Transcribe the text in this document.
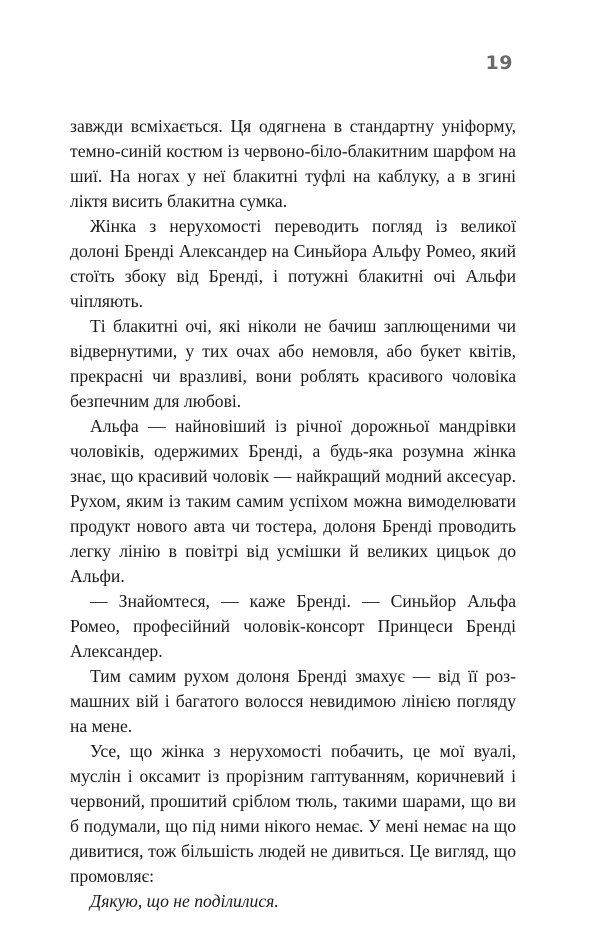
19

завжди всміхається. Ця одягнена в стандартну уніформу, темно-синій костюм із червоно-біло-блакитним шарфом на шиї. На ногах у неї блакитні туфлі на каблуку, а в згині ліктя висить блакитна сумка.

Жінка з нерухомості переводить погляд із великої долоні Бренді Александер на Синьйора Альфу Ромео, який стоїть збоку від Бренді, і потужні блакитні очі Альфи чіпляють.

Ті блакитні очі, які ніколи не бачиш заплющеними чи відвернутими, у тих очах або немовля, або букет квітів, прекрасні чи вразливі, вони роблять красивого чоловіка безпечним для любові.

Альфа — найновіший із річної дорожньої мандрівки чоловіків, одержимих Бренді, а будь-яка розумна жінка знає, що красивий чоловік — найкращий модний аксесуар. Рухом, яким із таким самим успіхом можна вимоделювати продукт нового авта чи тостера, долоня Бренді проводить легку лінію в повітрі від усмішки й великих цицьок до Альфи.

— Знайомтеся, — каже Бренді. — Синьйор Альфа Ромео, професійний чоловік-консорт Принцеси Бренді Александер.

Тим самим рухом долоня Бренді змахує — від її розмашних вій і багатого волосся невидимою лінією погляду на мене.

Усе, що жінка з нерухомості побачить, це мої вуалі, муслін і оксамит із прорізним гаптуванням, коричневий і червоний, прошитий сріблом тюль, такими шарами, що ви б подумали, що під ними нікого немає. У мені немає на що дивитися, тож більшість людей не дивиться. Це вигляд, що промовляє:

Дякую, що не поділилися.
